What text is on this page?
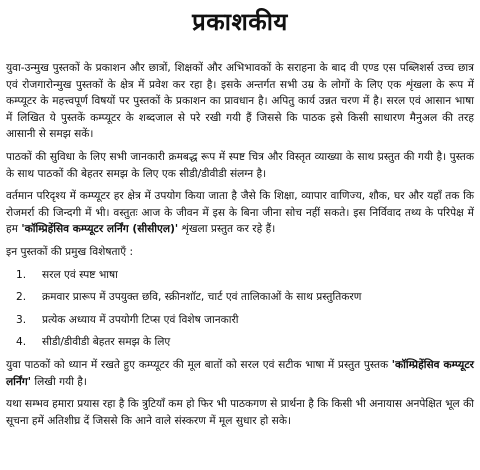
प्रकाशकीय

युवा-उन्मुख पुस्तकों के प्रकाशन और छात्रों, शिक्षकों और अभिभावकों के सराहना के बाद वी एण्ड एस पब्लिशर्स उच्च छात्र एवं रोजगारोन्मुख पुस्तकों के क्षेत्र में प्रवेश कर रहा है। इसके अन्तर्गत सभी उम्र के लोगों के लिए एक शृंखला के रूप में कम्प्यूटर के महत्त्वपूर्ण विषयों पर पुस्तकों के प्रकाशन का प्रावधान है। अपितु कार्य उन्नत चरण में है। सरल एवं आसान भाषा में लिखित ये पुस्तकें कम्प्यूटर के शब्दजाल से परे रखी गयी हैं जिससे कि पाठक इसे किसी साधारण मैनुअल की तरह आसानी से समझ सकें।

पाठकों की सुविधा के लिए सभी जानकारी क्रमबद्ध रूप में स्पष्ट चित्र और विस्तृत व्याख्या के साथ प्रस्तुत की गयी है। पुस्तक के साथ पाठकों की बेहतर समझ के लिए एक सीडी/डीवीडी संलग्न है।

वर्तमान परिदृश्य में कम्प्यूटर हर क्षेत्र में उपयोग किया जाता है जैसे कि शिक्षा, व्यापार वाणिज्य, शौक, घर और यहाँ तक कि रोजमर्रा की जिन्दगी में भी। वस्तुतः आज के जीवन में इस के बिना जीना सोच नहीं सकते। इस निर्विवाद तथ्य के परिपेक्ष में हम 'कॉम्प्रिहेंसिव कम्प्यूटर लर्निंग (सीसीएल)' शृंखला प्रस्तुत कर रहे हैं।

इन पुस्तकों की प्रमुख विशेषताएँ :
1.	सरल एवं स्पष्ट भाषा
2.	क्रमवार प्रारूप में उपयुक्त छवि, स्क्रीनशॉट, चार्ट एवं तालिकाओं के साथ प्रस्तुतिकरण
3.	प्रत्येक अध्याय में उपयोगी टिप्स एवं विशेष जानकारी
4.	सीडी/डीवीडी बेहतर समझ के लिए

युवा पाठकों को ध्यान में रखते हुए कम्प्यूटर की मूल बातों को सरल एवं सटीक भाषा में प्रस्तुत पुस्तक 'कॉम्प्रिहेंसिव कम्प्यूटर लर्निंग' लिखी गयी है।

यथा सम्भव हमारा प्रयास रहा है कि त्रुटियाँ कम हो फिर भी पाठकगण से प्रार्थना है कि किसी भी अनायास अनपेक्षित भूल की सूचना हमें अतिशीघ्र दें जिससे कि आने वाले संस्करण में मूल सुधार हो सके।
